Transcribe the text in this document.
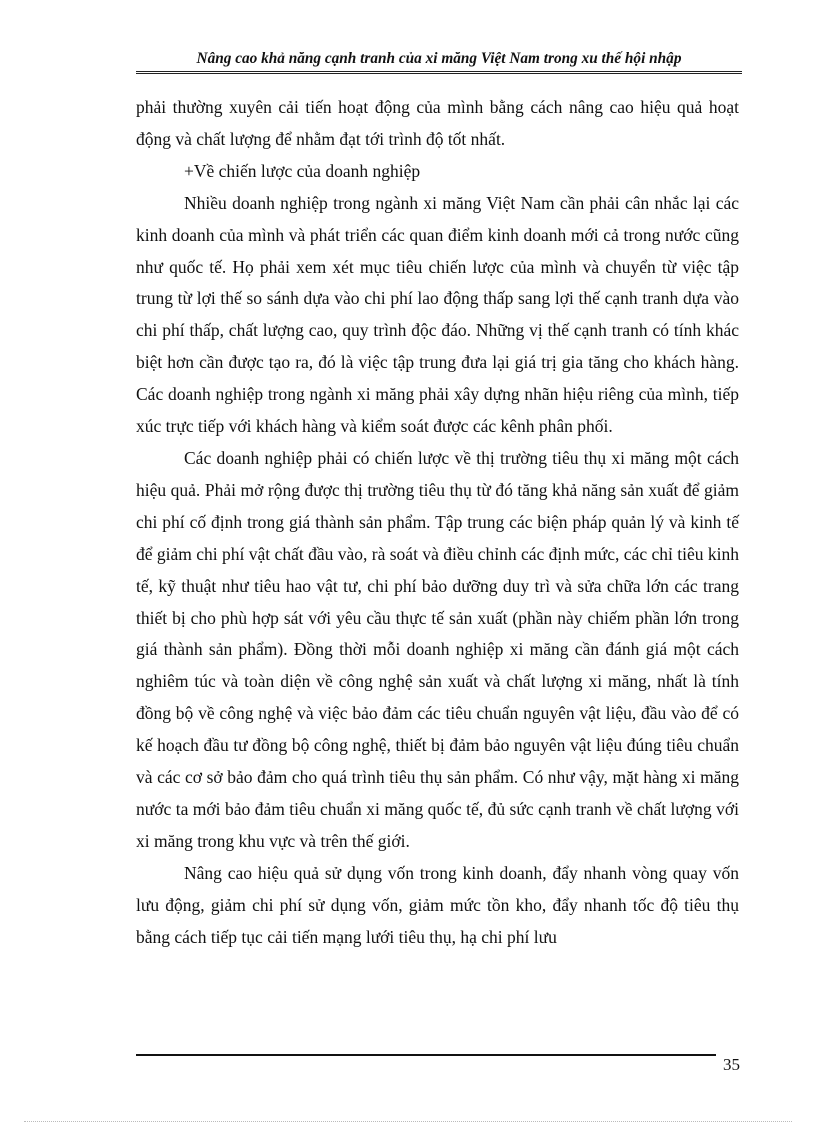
Nâng cao khả năng cạnh tranh của xi măng Việt Nam trong xu thế hội nhập

phải thường xuyên cải tiến hoạt động của mình bằng cách nâng cao hiệu quả hoạt động và chất lượng để nhằm đạt tới trình độ tốt nhất.

+Về chiến lược của doanh nghiệp

Nhiều doanh nghiệp trong ngành xi măng Việt Nam cần phải cân nhắc lại các kinh doanh của mình và phát triển các quan điểm kinh doanh mới cả trong nước cũng như quốc tế. Họ phải xem xét mục tiêu chiến lược của mình và chuyển từ việc tập trung từ lợi thế so sánh dựa vào chi phí lao động thấp sang lợi thế cạnh tranh dựa vào chi phí thấp, chất lượng cao, quy trình độc đáo. Những vị thế cạnh tranh có tính khác biệt hơn cần được tạo ra, đó là việc tập trung đưa lại giá trị gia tăng cho khách hàng. Các doanh nghiệp trong ngành xi măng phải xây dựng nhãn hiệu riêng của mình, tiếp xúc trực tiếp với khách hàng và kiểm soát được các kênh phân phối.

Các doanh nghiệp phải có chiến lược về thị trường tiêu thụ xi măng một cách hiệu quả. Phải mở rộng được thị trường tiêu thụ từ đó tăng khả năng sản xuất để giảm chi phí cố định trong giá thành sản phẩm. Tập trung các biện pháp quản lý và kinh tế để giảm chi phí vật chất đầu vào, rà soát và điều chỉnh các định mức, các chỉ tiêu kinh tế, kỹ thuật như tiêu hao vật tư, chi phí bảo dưỡng duy trì và sửa chữa lớn các trang thiết bị cho phù hợp sát với yêu cầu thực tế sản xuất (phần này chiếm phần lớn trong giá thành sản phẩm). Đồng thời mỗi doanh nghiệp xi măng cần đánh giá một cách nghiêm túc và toàn diện về công nghệ sản xuất và chất lượng xi măng, nhất là tính đồng bộ về công nghệ và việc bảo đảm các tiêu chuẩn nguyên vật liệu, đầu vào để có kế hoạch đầu tư đồng bộ công nghệ, thiết bị đảm bảo nguyên vật liệu đúng tiêu chuẩn và các cơ sở bảo đảm cho quá trình tiêu thụ sản phẩm. Có như vậy, mặt hàng xi măng nước ta mới bảo đảm tiêu chuẩn xi măng quốc tế, đủ sức cạnh tranh về chất lượng với xi măng trong khu vực và trên thế giới.

Nâng cao hiệu quả sử dụng vốn trong kinh doanh, đẩy nhanh vòng quay vốn lưu động, giảm chi phí sử dụng vốn, giảm mức tồn kho, đẩy nhanh tốc độ tiêu thụ bằng cách tiếp tục cải tiến mạng lưới tiêu thụ, hạ chi phí lưu

35
